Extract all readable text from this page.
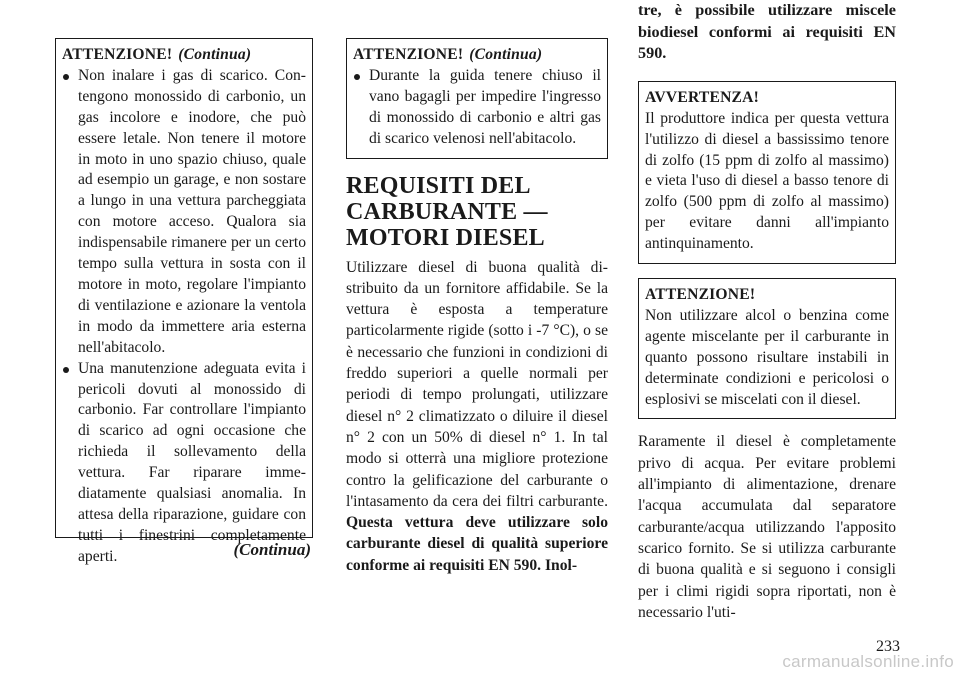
ATTENZIONE! (Continua)
Non inalare i gas di scarico. Contengono monossido di carbonio, un gas incolore e inodore, che può essere letale. Non tenere il motore in moto in uno spazio chiuso, quale ad esempio un garage, e non sostare a lungo in una vettura parcheggiata con motore acceso. Qualora sia indispensabile rimanere per un certo tempo sulla vettura in sosta con il motore in moto, regolare l'impianto di ventilazione e azionare la ventola in modo da immettere aria esterna nell'abitacolo.
Una manutenzione adeguata evita i pericoli dovuti al monossido di carbonio. Far controllare l'impianto di scarico ad ogni occasione che richieda il sollevamento della vettura. Far riparare immediatamente qualsiasi anomalia. In attesa della riparazione, guidare con tutti i finestrini completamente aperti.	(Continua)
ATTENZIONE! (Continua)
Durante la guida tenere chiuso il vano bagagli per impedire l'ingresso di monossido di carbonio e altri gas di scarico velenosi nell'abitacolo.
REQUISITI DEL CARBURANTE — MOTORI DIESEL
Utilizzare diesel di buona qualità distribuito da un fornitore affidabile. Se la vettura è esposta a temperature particolarmente rigide (sotto i -7 °C), o se è necessario che funzioni in condizioni di freddo superiori a quelle normali per periodi di tempo prolungati, utilizzare diesel n° 2 climatizzato o diluire il diesel n° 2 con un 50% di diesel n° 1. In tal modo si otterrà una migliore protezione contro la gelificazione del carburante o l'intasamento da cera dei filtri carburante. Questa vettura deve utilizzare solo carburante diesel di qualità superiore conforme ai requisiti EN 590. Inol-
tre, è possibile utilizzare miscele biodiesel conformi ai requisiti EN 590.
AVVERTENZA!
Il produttore indica per questa vettura l'utilizzo di diesel a bassissimo tenore di zolfo (15 ppm di zolfo al massimo) e vieta l'uso di diesel a basso tenore di zolfo (500 ppm di zolfo al massimo) per evitare danni all'impianto antinquinamento.
ATTENZIONE!
Non utilizzare alcol o benzina come agente miscelante per il carburante in quanto possono risultare instabili in determinate condizioni e pericolosi o esplosivi se miscelati con il diesel.
Raramente il diesel è completamente privo di acqua. Per evitare problemi all'impianto di alimentazione, drenare l'acqua accumulata dal separatore carburante/acqua utilizzando l'apposito scarico fornito. Se si utilizza carburante di buona qualità e si seguono i consigli per i climi rigidi sopra riportati, non è necessario l'uti-
233
carmanualsonline.info
